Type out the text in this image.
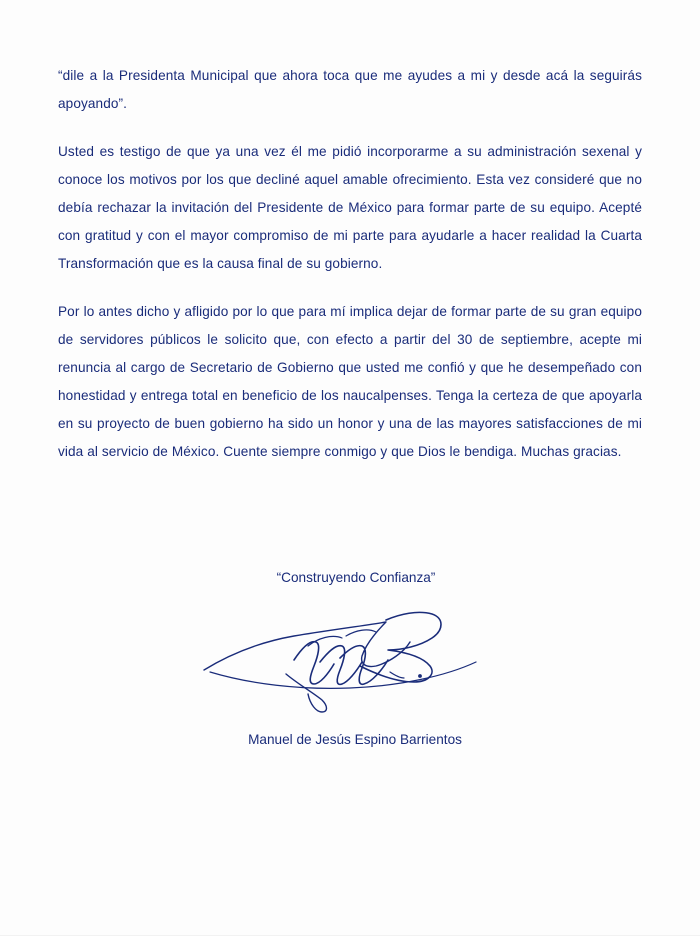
“dile a la Presidenta Municipal que ahora toca que me ayudes a mi y desde acá la seguirás apoyando”.

Usted es testigo de que ya una vez él me pidió incorporarme a su administración sexenal y conoce los motivos por los que decliné aquel amable ofrecimiento. Esta vez consideré que no debía rechazar la invitación del Presidente de México para formar parte de su equipo. Acepté con gratitud y con el mayor compromiso de mi parte para ayudarle a hacer realidad la Cuarta Transformación que es la causa final de su gobierno.

Por lo antes dicho y afligido por lo que para mí implica dejar de formar parte de su gran equipo de servidores públicos le solicito que, con efecto a partir del 30 de septiembre, acepte mi renuncia al cargo de Secretario de Gobierno que usted me confió y que he desempeñado con honestidad y entrega total en beneficio de los naucalpenses. Tenga la certeza de que apoyarla en su proyecto de buen gobierno ha sido un honor y una de las mayores satisfacciones de mi vida al servicio de México. Cuente siempre conmigo y que Dios le bendiga. Muchas gracias.

“Construyendo Confianza”

Manuel de Jesús Espino Barrientos
